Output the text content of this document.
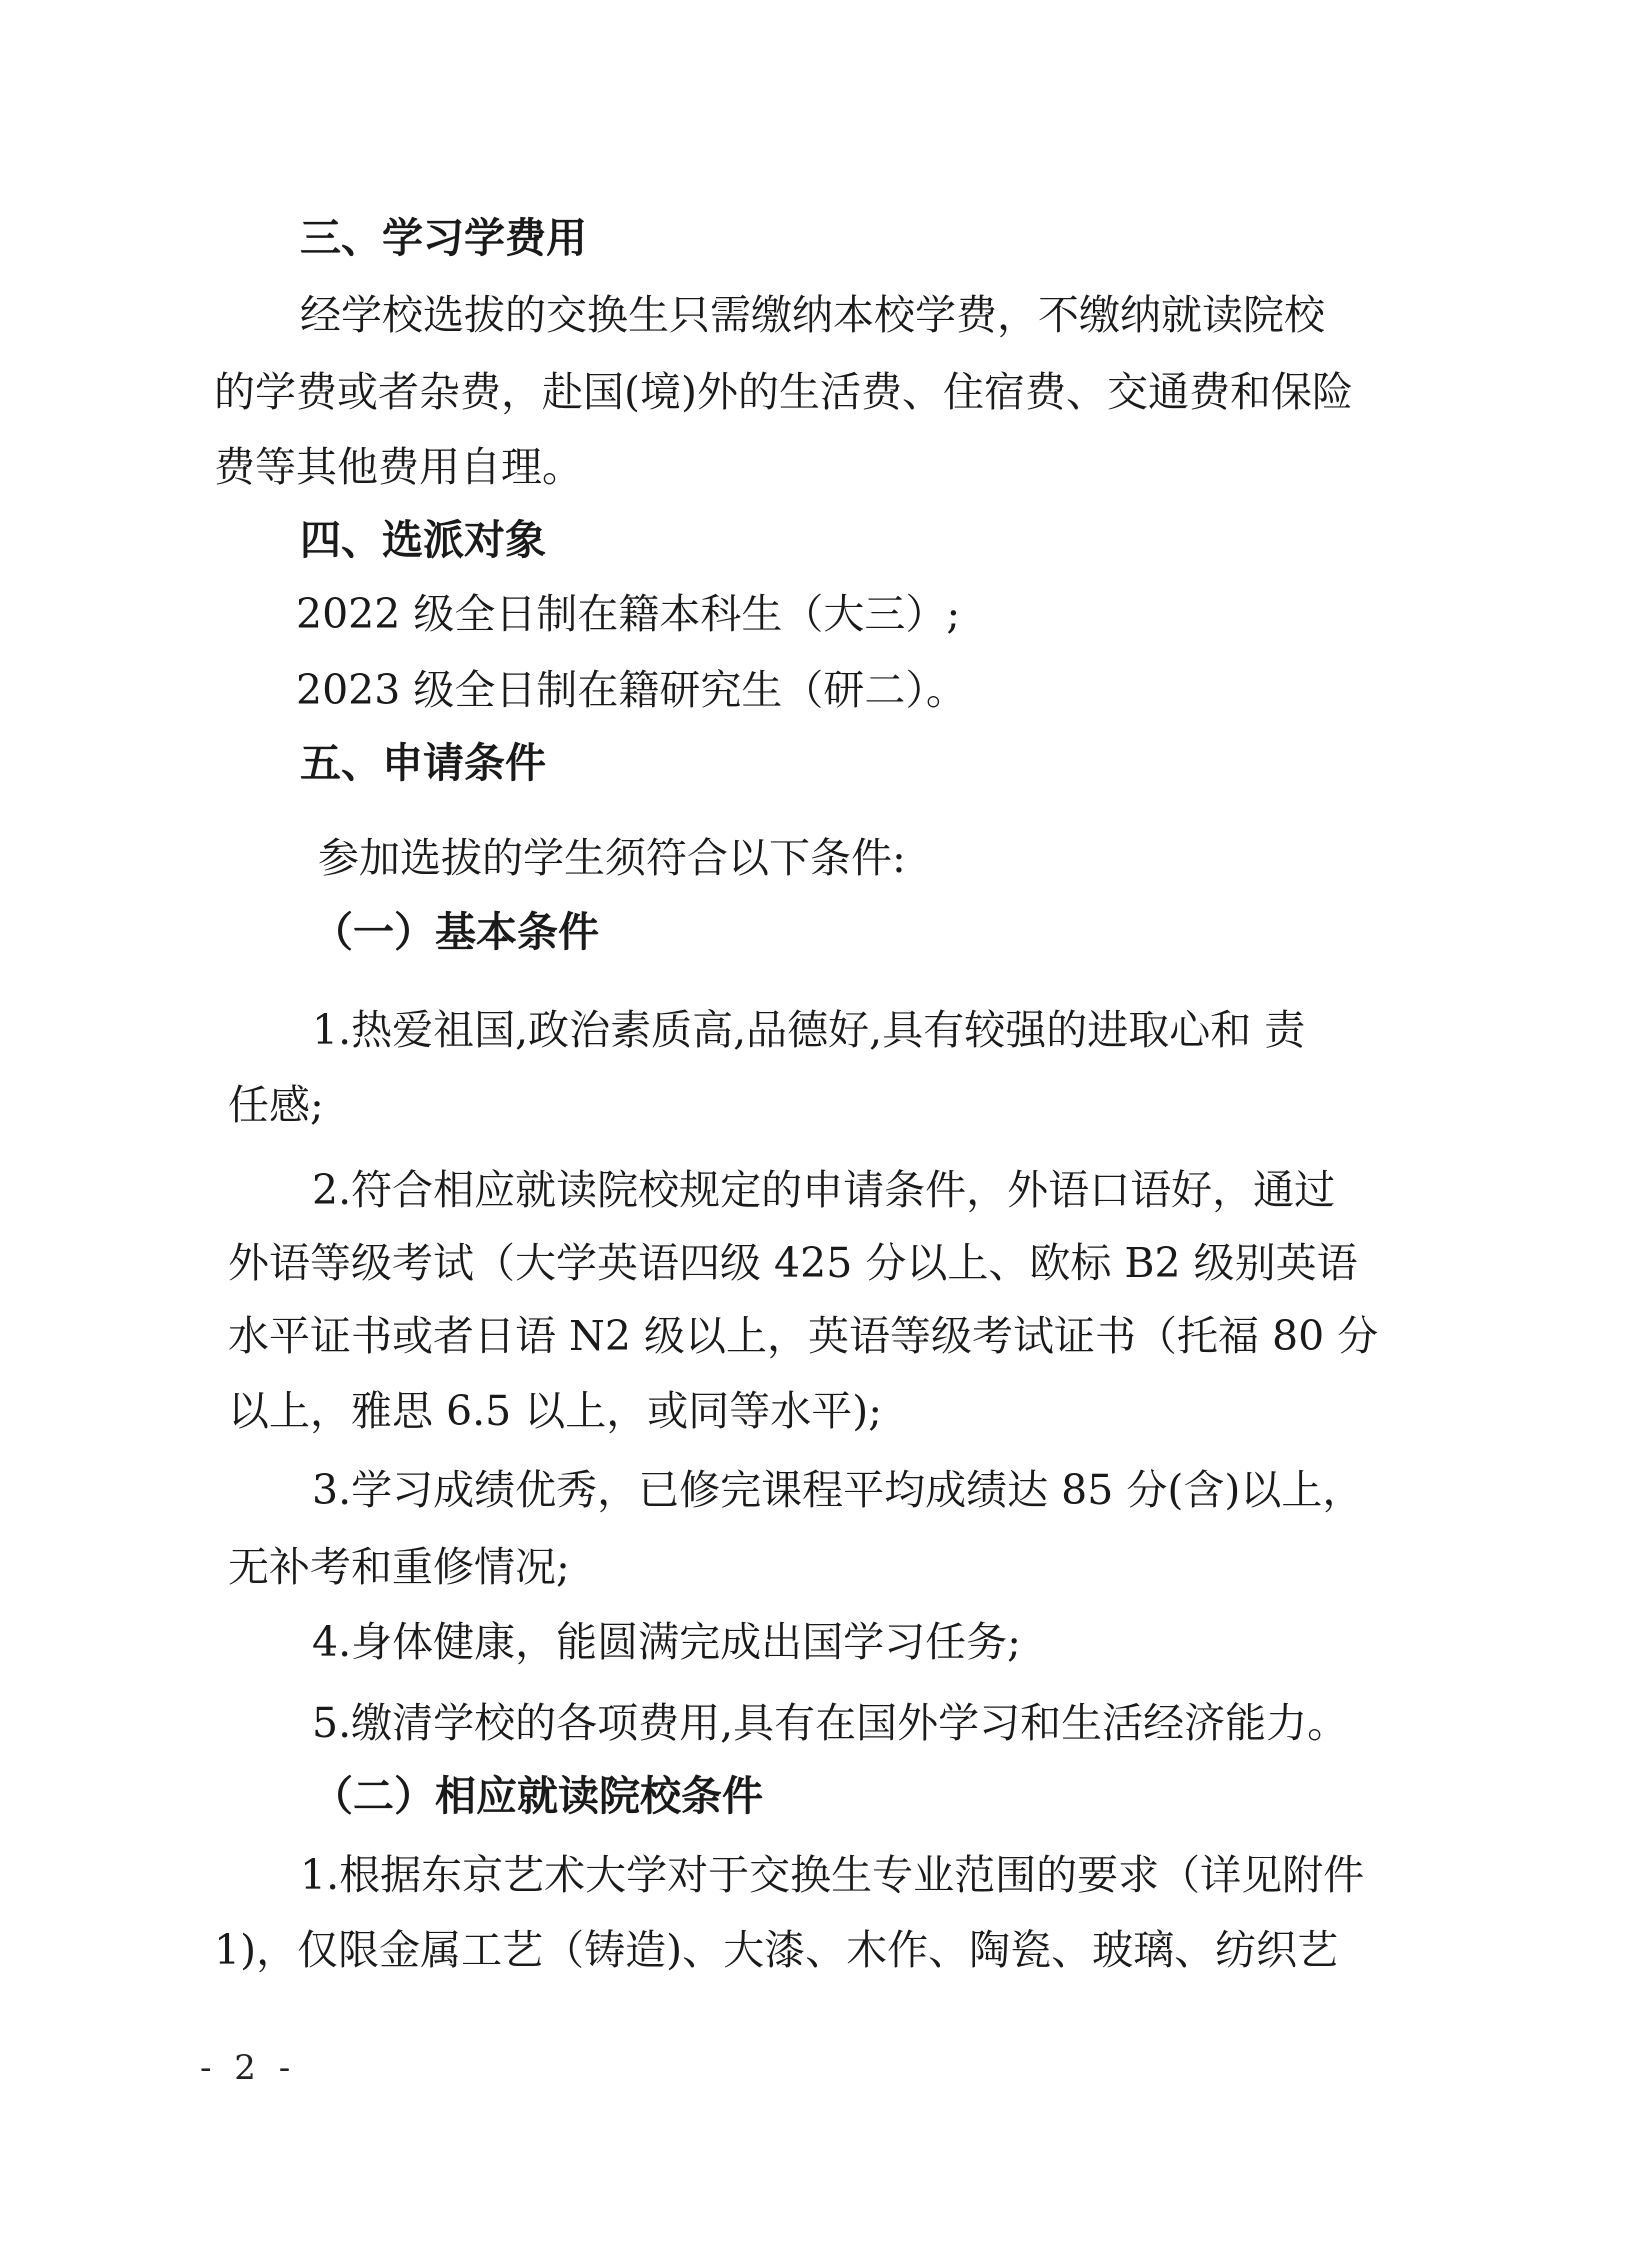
三、学习学费用

经学校选拔的交换生只需缴纳本校学费，不缴纳就读院校

的学费或者杂费，赴国(境)外的生活费、住宿费、交通费和保险

费等其他费用自理。

四、选派对象

2022 级全日制在籍本科生（大三）;

2023 级全日制在籍研究生（研二）。

五、申请条件

参加选拔的学生须符合以下条件:

（一）基本条件

1.热爱祖国,政治素质高,品德好,具有较强的进取心和 责

任感;

2.符合相应就读院校规定的申请条件，外语口语好，通过

外语等级考试（大学英语四级 425 分以上、欧标 B2 级别英语

水平证书或者日语 N2 级以上，英语等级考试证书（托福 80 分

以上，雅思 6.5 以上，或同等水平);

3.学习成绩优秀，已修完课程平均成绩达 85 分(含)以上，

无补考和重修情况;

4.身体健康，能圆满完成出国学习任务;

5.缴清学校的各项费用,具有在国外学习和生活经济能力。

（二）相应就读院校条件

1.根据东京艺术大学对于交换生专业范围的要求（详见附件

1)，仅限金属工艺（铸造)、大漆、木作、陶瓷、玻璃、纺织艺

- 2 -
